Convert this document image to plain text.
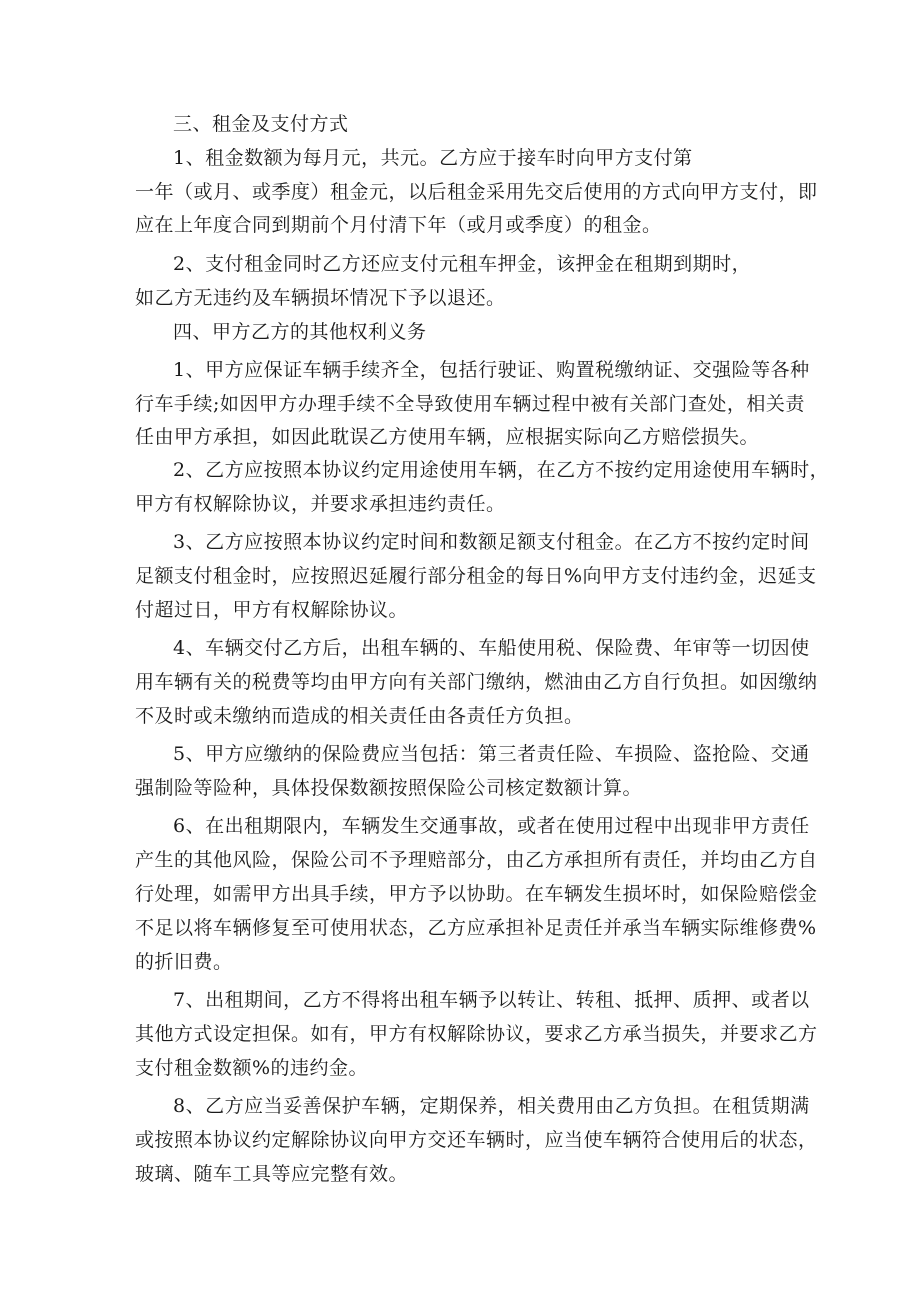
三、租金及支付方式
1、租金数额为每月元，共元。乙方应于接车时向甲方支付第
一年（或月、或季度）租金元，以后租金采用先交后使用的方式向甲方支付，即
应在上年度合同到期前个月付清下年（或月或季度）的租金。
2、支付租金同时乙方还应支付元租车押金，该押金在租期到期时，
如乙方无违约及车辆损坏情况下予以退还。
四、甲方乙方的其他权利义务
1、甲方应保证车辆手续齐全，包括行驶证、购置税缴纳证、交强险等各种
行车手续;如因甲方办理手续不全导致使用车辆过程中被有关部门查处，相关责
任由甲方承担，如因此耽误乙方使用车辆，应根据实际向乙方赔偿损失。
2、乙方应按照本协议约定用途使用车辆，在乙方不按约定用途使用车辆时，
甲方有权解除协议，并要求承担违约责任。
3、乙方应按照本协议约定时间和数额足额支付租金。在乙方不按约定时间
足额支付租金时，应按照迟延履行部分租金的每日%向甲方支付违约金，迟延支
付超过日，甲方有权解除协议。
4、车辆交付乙方后，出租车辆的、车船使用税、保险费、年审等一切因使
用车辆有关的税费等均由甲方向有关部门缴纳，燃油由乙方自行负担。如因缴纳
不及时或未缴纳而造成的相关责任由各责任方负担。
5、甲方应缴纳的保险费应当包括：第三者责任险、车损险、盗抢险、交通
强制险等险种，具体投保数额按照保险公司核定数额计算。
6、在出租期限内，车辆发生交通事故，或者在使用过程中出现非甲方责任
产生的其他风险，保险公司不予理赔部分，由乙方承担所有责任，并均由乙方自
行处理，如需甲方出具手续，甲方予以协助。在车辆发生损坏时，如保险赔偿金
不足以将车辆修复至可使用状态，乙方应承担补足责任并承当车辆实际维修费%
的折旧费。
7、出租期间，乙方不得将出租车辆予以转让、转租、抵押、质押、或者以
其他方式设定担保。如有，甲方有权解除协议，要求乙方承当损失，并要求乙方
支付租金数额%的违约金。
8、乙方应当妥善保护车辆，定期保养，相关费用由乙方负担。在租赁期满
或按照本协议约定解除协议向甲方交还车辆时，应当使车辆符合使用后的状态，
玻璃、随车工具等应完整有效。
